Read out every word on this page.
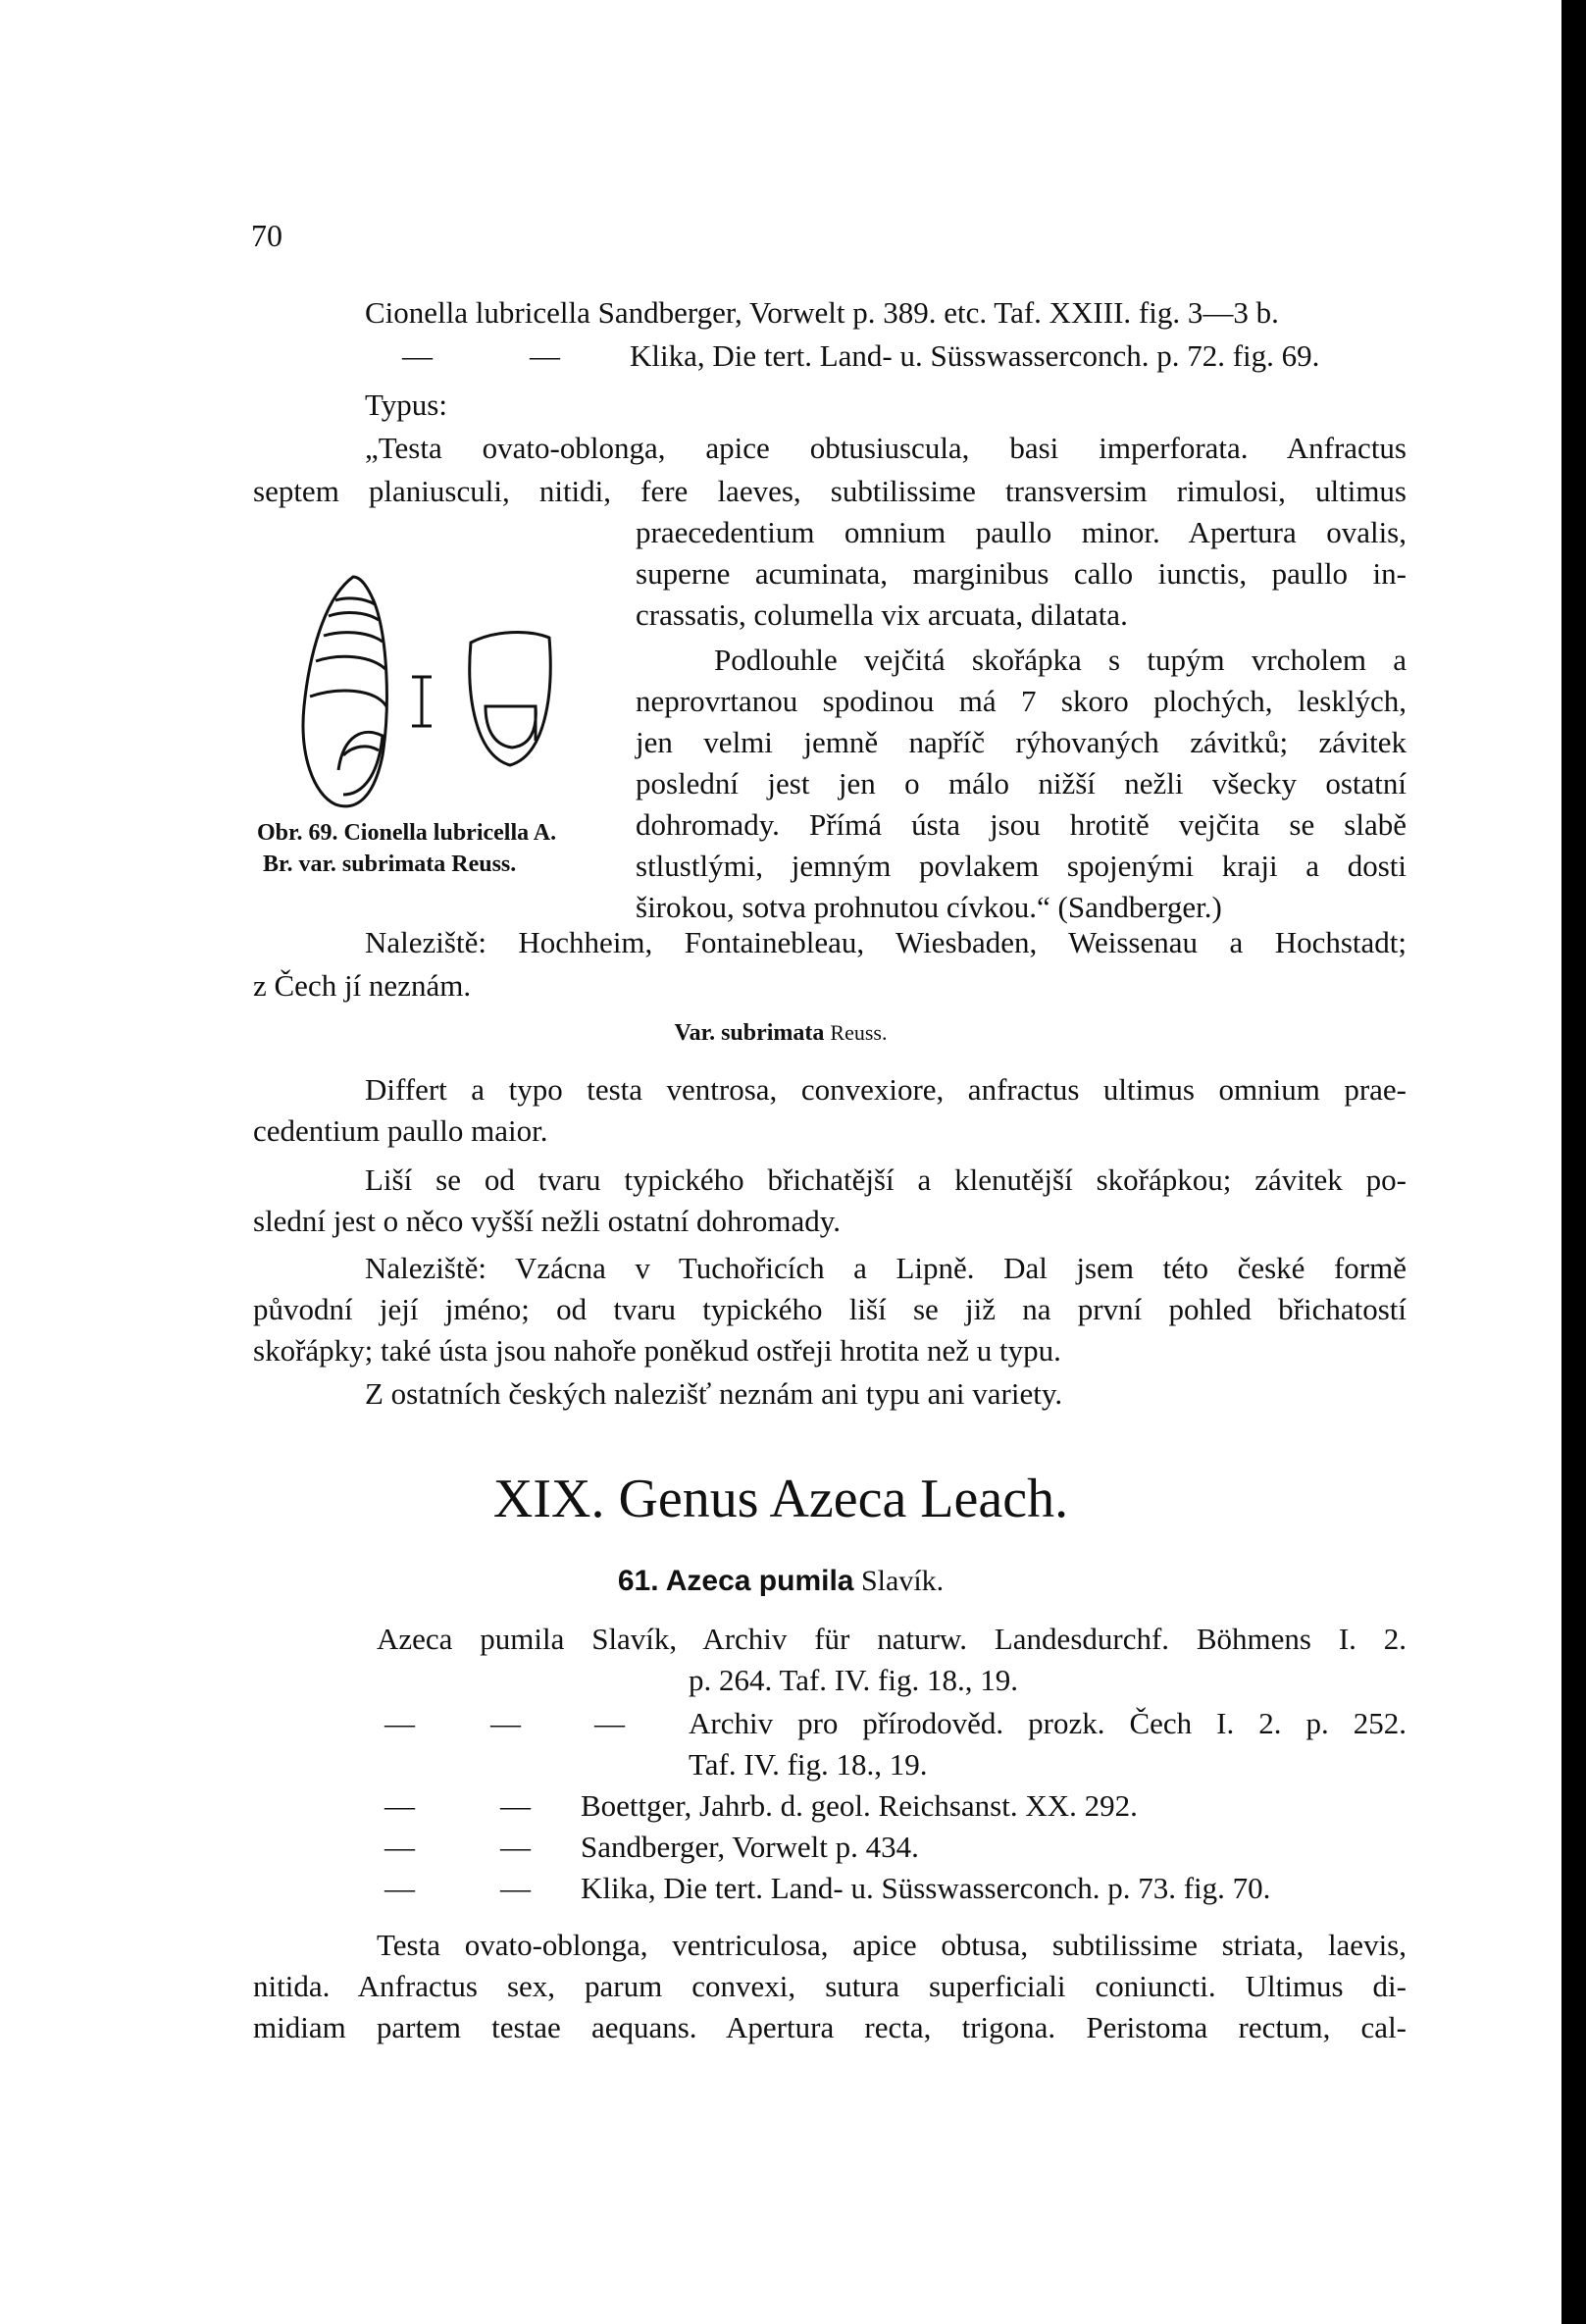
70
Cionella lubricella Sandberger, Vorwelt p. 389. etc. Taf. XXIII. fig. 3—3 b.
—	— Klika, Die tert. Land- u. Süsswasserconch. p. 72. fig. 69.
Typus:
„Testa ovato-oblonga, apice obtusiuscula, basi imperforata. Anfractus
septem planiusculi, nitidi, fere laeves, subtilissime transversim rimulosi, ultimus
praecedentium omnium paullo minor. Apertura ovalis,
superne acuminata, marginibus callo iunctis, paullo in-
crassatis, columella vix arcuata, dilatata.
Obr. 69. Cionella lubricella A.
Br. var. subrimata Reuss.
Podlouhle vejčitá skořápka s tupým vrcholem a
neprovrtanou spodinou má 7 skoro plochých, lesklých,
jen velmi jemně napříč rýhovaných závitků; závitek
poslední jest jen o málo nižší nežli všecky ostatní
dohromady. Přímá ústa jsou hrotitě vejčita se slabě
stlustlými, jemným povlakem spojenými kraji a dosti
širokou, sotva prohnutou cívkou.“ (Sandberger.)
Naleziště: Hochheim, Fontainebleau, Wiesbaden, Weissenau a Hochstadt;
z Čech jí neznám.
Var. subrimata Reuss.
Differt a typo testa ventrosa, convexiore, anfractus ultimus omnium prae-
cedentium paullo maior.
Liší se od tvaru typického břichatější a klenutější skořápkou; závitek po-
slední jest o něco vyšší nežli ostatní dohromady.
Naleziště: Vzácna v Tuchořicích a Lipně. Dal jsem této české formě
původní její jméno; od tvaru typického liší se již na první pohled břichatostí
skořápky; také ústa jsou nahoře poněkud ostřeji hrotita než u typu.
Z ostatních českých nalezišť neznám ani typu ani variety.
XIX. Genus Azeca Leach.
61. Azeca pumila Slavík.
Azeca pumila Slavík, Archiv für naturw. Landesdurchf. Böhmens I. 2.
p. 264. Taf. IV. fig. 18., 19.
— — — Archiv pro přírodověd. prozk. Čech I. 2. p. 252.
Taf. IV. fig. 18., 19.
—	— Boettger, Jahrb. d. geol. Reichsanst. XX. 292.
—	— Sandberger, Vorwelt p. 434.
—	— Klika, Die tert. Land- u. Süsswasserconch. p. 73. fig. 70.
Testa ovato-oblonga, ventriculosa, apice obtusa, subtilissime striata, laevis,
nitida. Anfractus sex, parum convexi, sutura superficiali coniuncti. Ultimus di-
midiam partem testae aequans. Apertura recta, trigona. Peristoma rectum, cal-
